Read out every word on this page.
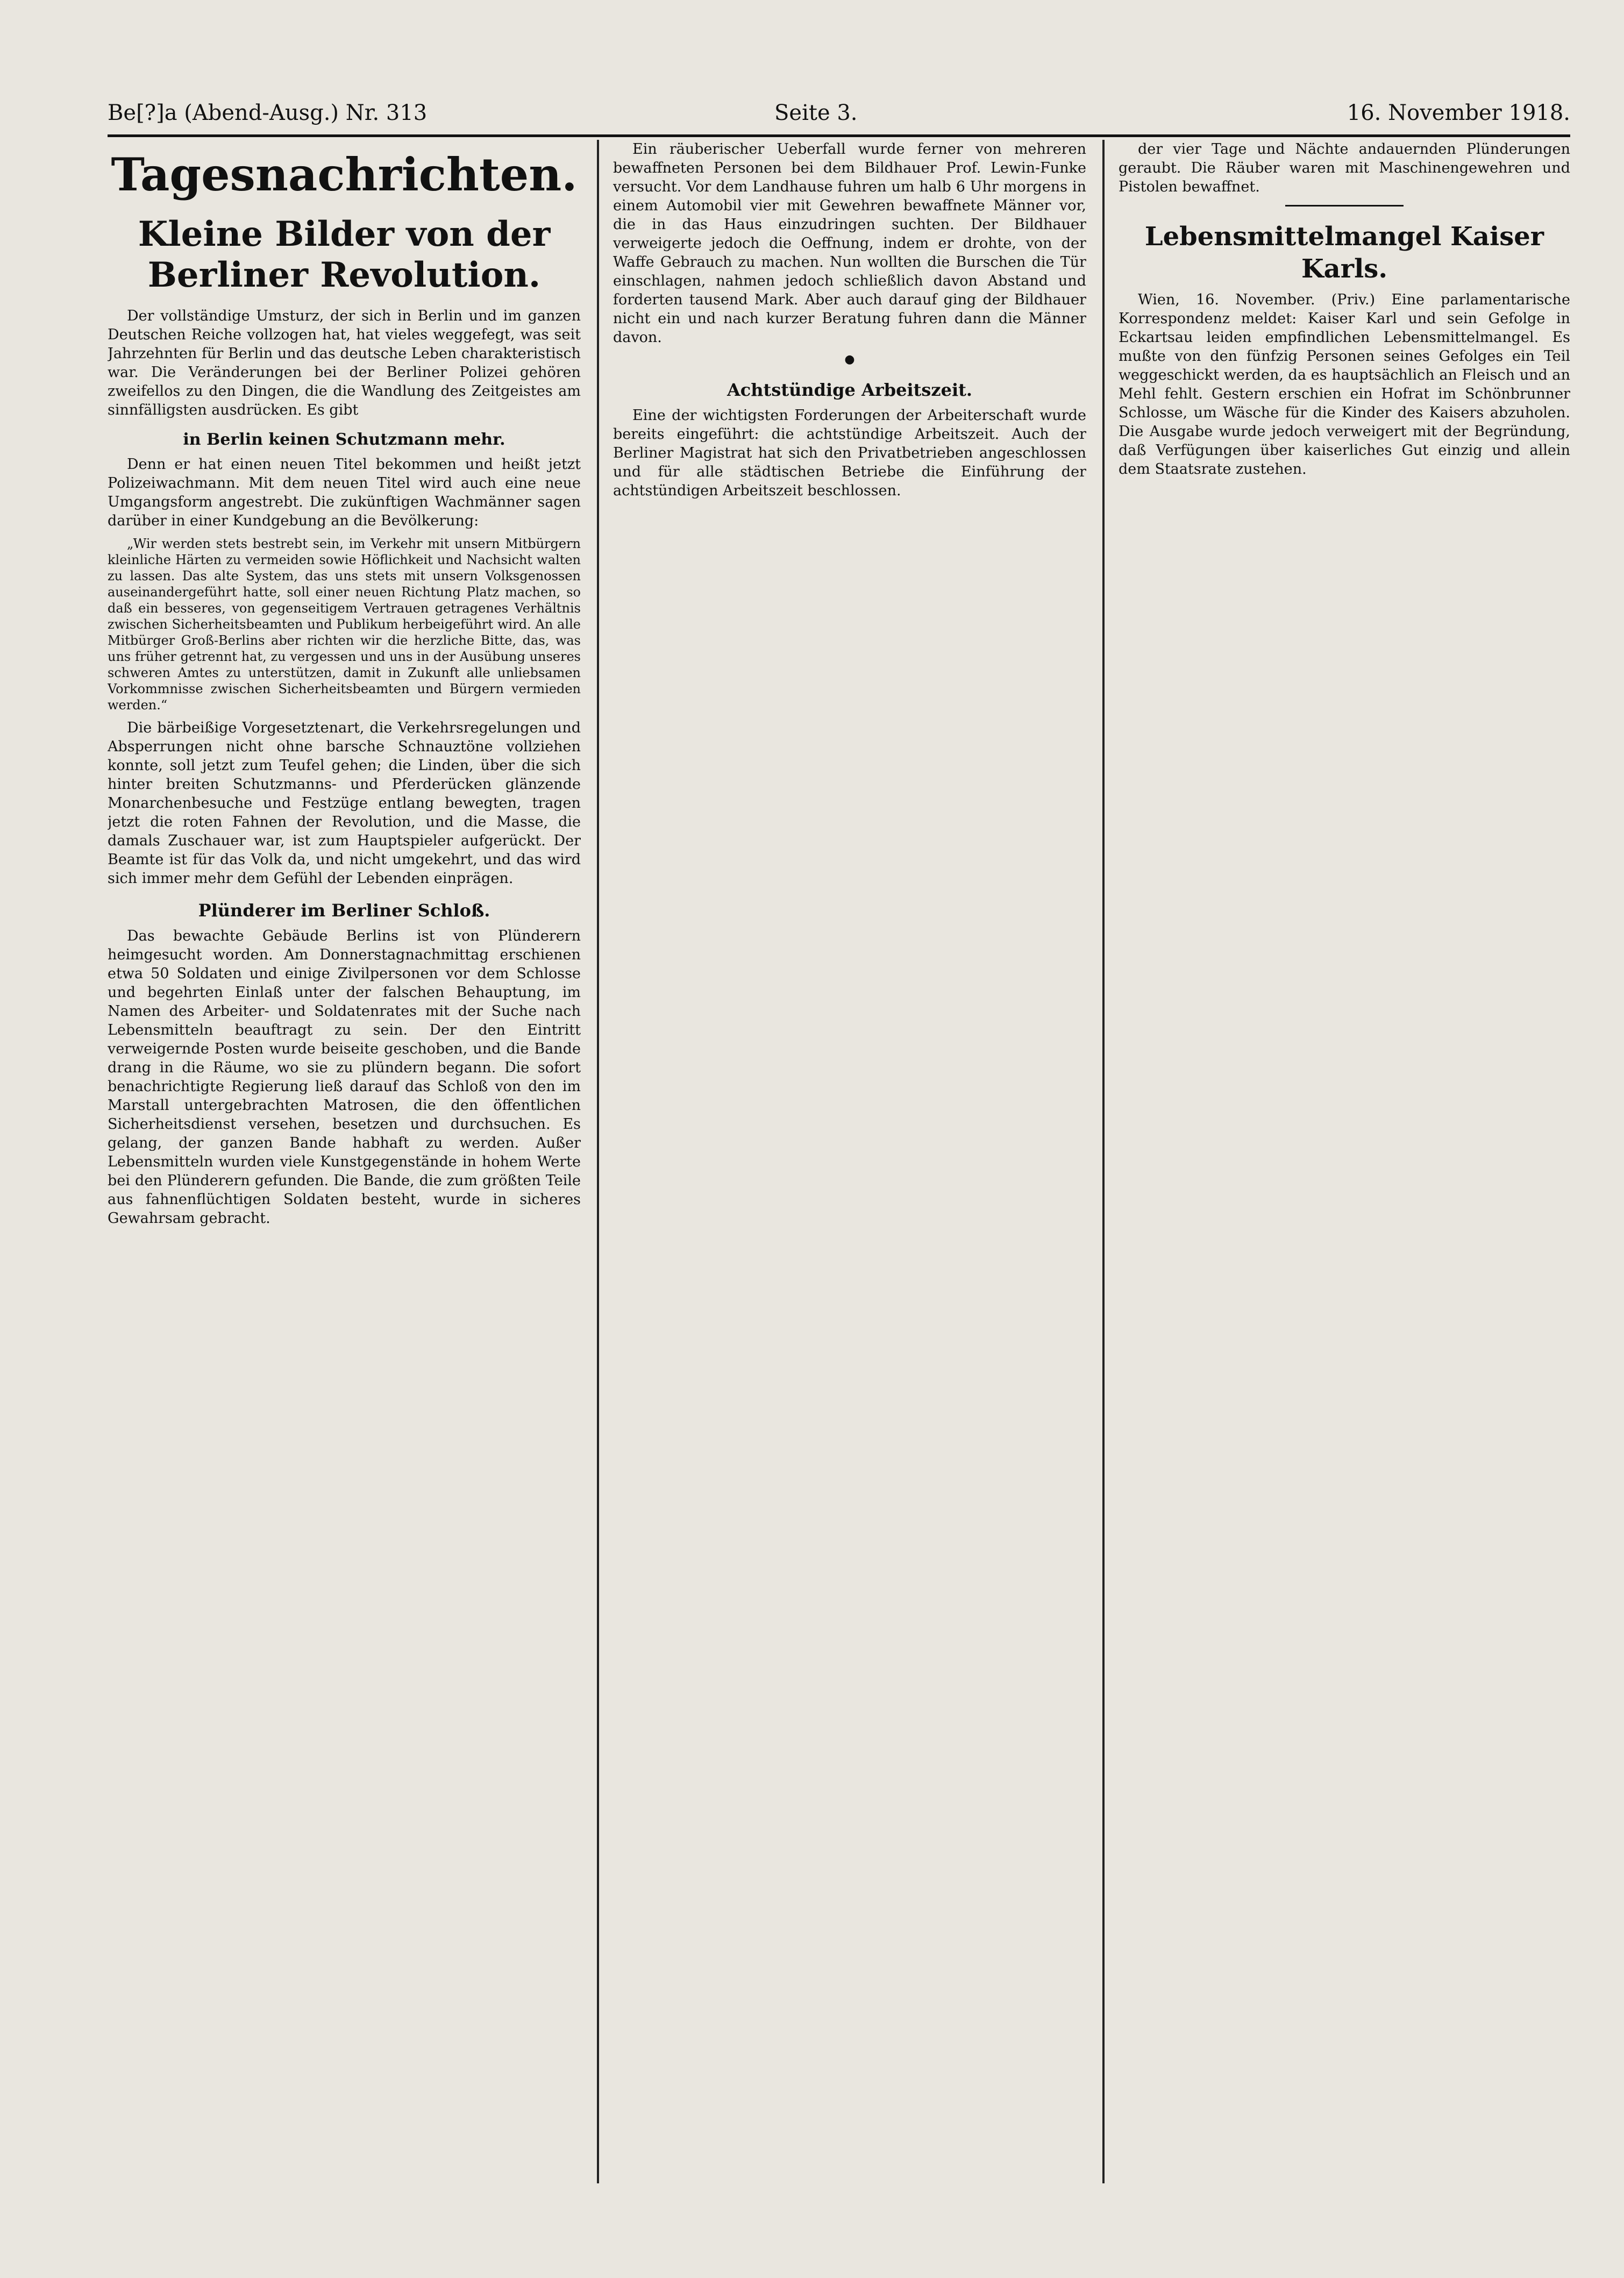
Be[?]a (Abend-Ausg.) Nr. 313	Seite 3.	16. November 1918.
Tagesnachrichten.
Kleine Bilder von der Berliner Revolution.

Der vollständige Umsturz, der sich in Berlin und im ganzen Deutschen Reiche vollzogen hat, hat vieles weggefegt, was seit Jahrzehnten für Berlin und das deutsche Leben charakteristisch war. Die Veränderungen bei der Berliner Polizei gehören zweifellos zu den Dingen, die die Wandlung des Zeitgeistes am sinnfälligsten ausdrücken. Es gibt

in Berlin keinen Schutzmann mehr.

Denn er hat einen neuen Titel bekommen und heißt jetzt Polizeiwachmann. Mit dem neuen Titel wird auch eine neue Umgangsform angestrebt. Die zukünftigen Wachmänner sagen darüber in einer Kundgebung an die Bevölkerung:

„Wir werden stets bestrebt sein, im Verkehr mit unsern Mitbürgern kleinliche Härten zu vermeiden sowie Höflichkeit und Nachsicht walten zu lassen. Das alte System, das uns stets mit unsern Volksgenossen auseinandergeführt hatte, soll einer neuen Richtung Platz machen, so daß ein besseres, von gegenseitigem Vertrauen getragenes Verhältnis zwischen Sicherheitsbeamten und Publikum herbeigeführt wird. An alle Mitbürger Groß-Berlins aber richten wir die herzliche Bitte, das, was uns früher getrennt hat, zu vergessen und uns in der Ausübung unseres schweren Amtes zu unterstützen, damit in Zukunft alle unliebsamen Vorkommnisse zwischen Sicherheitsbeamten und Bürgern vermieden werden.“

Die bärbeißige Vorgesetztenart, die Verkehrsregelungen und Absperrungen nicht ohne barsche Schnauztöne vollziehen konnte, soll jetzt zum Teufel gehen; die Linden, über die sich hinter breiten Schutzmanns- und Pferderücken glänzende Monarchenbesuche und Festzüge entlang bewegten, tragen jetzt die roten Fahnen der Revolution, und die Masse, die damals Zuschauer war, ist zum Hauptspieler aufgerückt. Der Beamte ist für das Volk da, und nicht umgekehrt, und das wird sich immer mehr dem Gefühl der Lebenden einprägen.

Plünderer im Berliner Schloß.

Das bewachte Gebäude Berlins ist von Plünderern heimgesucht worden. Am Donnerstagnachmittag erschienen etwa 50 Soldaten und einige Zivilpersonen vor dem Schlosse und begehrten Einlaß unter der falschen Behauptung, im Namen des Arbeiter- und Soldatenrates mit der Suche nach Lebensmitteln beauftragt zu sein. Der den Eintritt verweigernde Posten wurde beiseite geschoben, und die Bande drang in die Räume, wo sie zu plündern begann. Die sofort benachrichtigte Regierung ließ darauf das Schloß von den im Marstall untergebrachten Matrosen, die den öffentlichen Sicherheitsdienst versehen, besetzen und durchsuchen. Es gelang, der ganzen Bande habhaft zu werden. Außer Lebensmitteln wurden viele Kunstgegenstände in hohem Werte bei den Plünderern gefunden. Die Bande, die zum größten Teile aus fahnenflüchtigen Soldaten besteht, wurde in sicheres Gewahrsam gebracht.

Ein räuberischer Ueberfall wurde ferner von mehreren bewaffneten Personen bei dem Bildhauer Prof. Lewin-Funke versucht. Vor dem Landhause fuhren um halb 6 Uhr morgens in einem Automobil vier mit Gewehren bewaffnete Männer vor, die in das Haus einzudringen suchten. Der Bildhauer verweigerte jedoch die Oeffnung, indem er drohte, von der Waffe Gebrauch zu machen. Nun wollten die Burschen die Tür einschlagen, nahmen jedoch schließlich davon Abstand und forderten tausend Mark. Aber auch darauf ging der Bildhauer nicht ein und nach kurzer Beratung fuhren dann die Männer davon.

●
Achtstündige Arbeitszeit.

Eine der wichtigsten Forderungen der Arbeiterschaft wurde bereits eingeführt: die achtstündige Arbeitszeit. Auch der Berliner Magistrat hat sich den Privatbetrieben angeschlossen und für alle städtischen Betriebe die Einführung der achtstündigen Arbeitszeit beschlossen.

der vier Tage und Nächte andauernden Plünderungen geraubt. Die Räuber waren mit Maschinengewehren und Pistolen bewaffnet.

Lebensmittelmangel Kaiser Karls.

Wien, 16. November. (Priv.) Eine parlamentarische Korrespondenz meldet: Kaiser Karl und sein Gefolge in Eckartsau leiden empfindlichen Lebensmittelmangel. Es mußte von den fünfzig Personen seines Gefolges ein Teil weggeschickt werden, da es hauptsächlich an Fleisch und an Mehl fehlt. Gestern erschien ein Hofrat im Schönbrunner Schlosse, um Wäsche für die Kinder des Kaisers abzuholen. Die Ausgabe wurde jedoch verweigert mit der Begründung, daß Verfügungen über kaiserliches Gut einzig und allein dem Staatsrate zustehen.
